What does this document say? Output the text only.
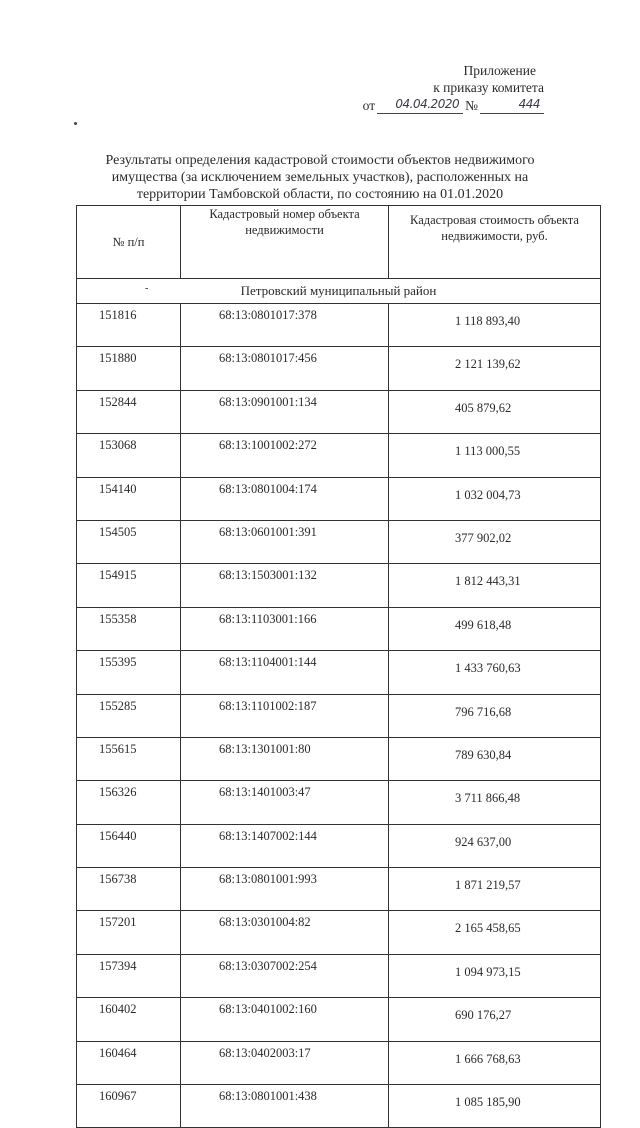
Приложение
к приказу комитета
от	04.04.2020 №	444
Результаты определения кадастровой стоимости объектов недвижимого имущества (за исключением земельных участков), расположенных на территории Тамбовской области, по состоянию на 01.01.2020
№ п/п	Кадастровый номер объекта недвижимости	Кадастровая стоимость объекта недвижимости, руб.

- Петровский муниципальный район		
151816	68:13:0801017:378	1 118 893,40
151880	68:13:0801017:456	2 121 139,62
152844	68:13:0901001:134	405 879,62
153068	68:13:1001002:272	1 113 000,55
154140	68:13:0801004:174	1 032 004,73
154505	68:13:0601001:391	377 902,02
154915	68:13:1503001:132	1 812 443,31
155358	68:13:1103001:166	499 618,48
155395	68:13:1104001:144	1 433 760,63
155285	68:13:1101002:187	796 716,68
155615	68:13:1301001:80	789 630,84
156326	68:13:1401003:47	3 711 866,48
156440	68:13:1407002:144	924 637,00
156738	68:13:0801001:993	1 871 219,57
157201	68:13:0301004:82	2 165 458,65
157394	68:13:0307002:254	1 094 973,15
160402	68:13:0401002:160	690 176,27
160464	68:13:0402003:17	1 666 768,63
160967	68:13:0801001:438	1 085 185,90
